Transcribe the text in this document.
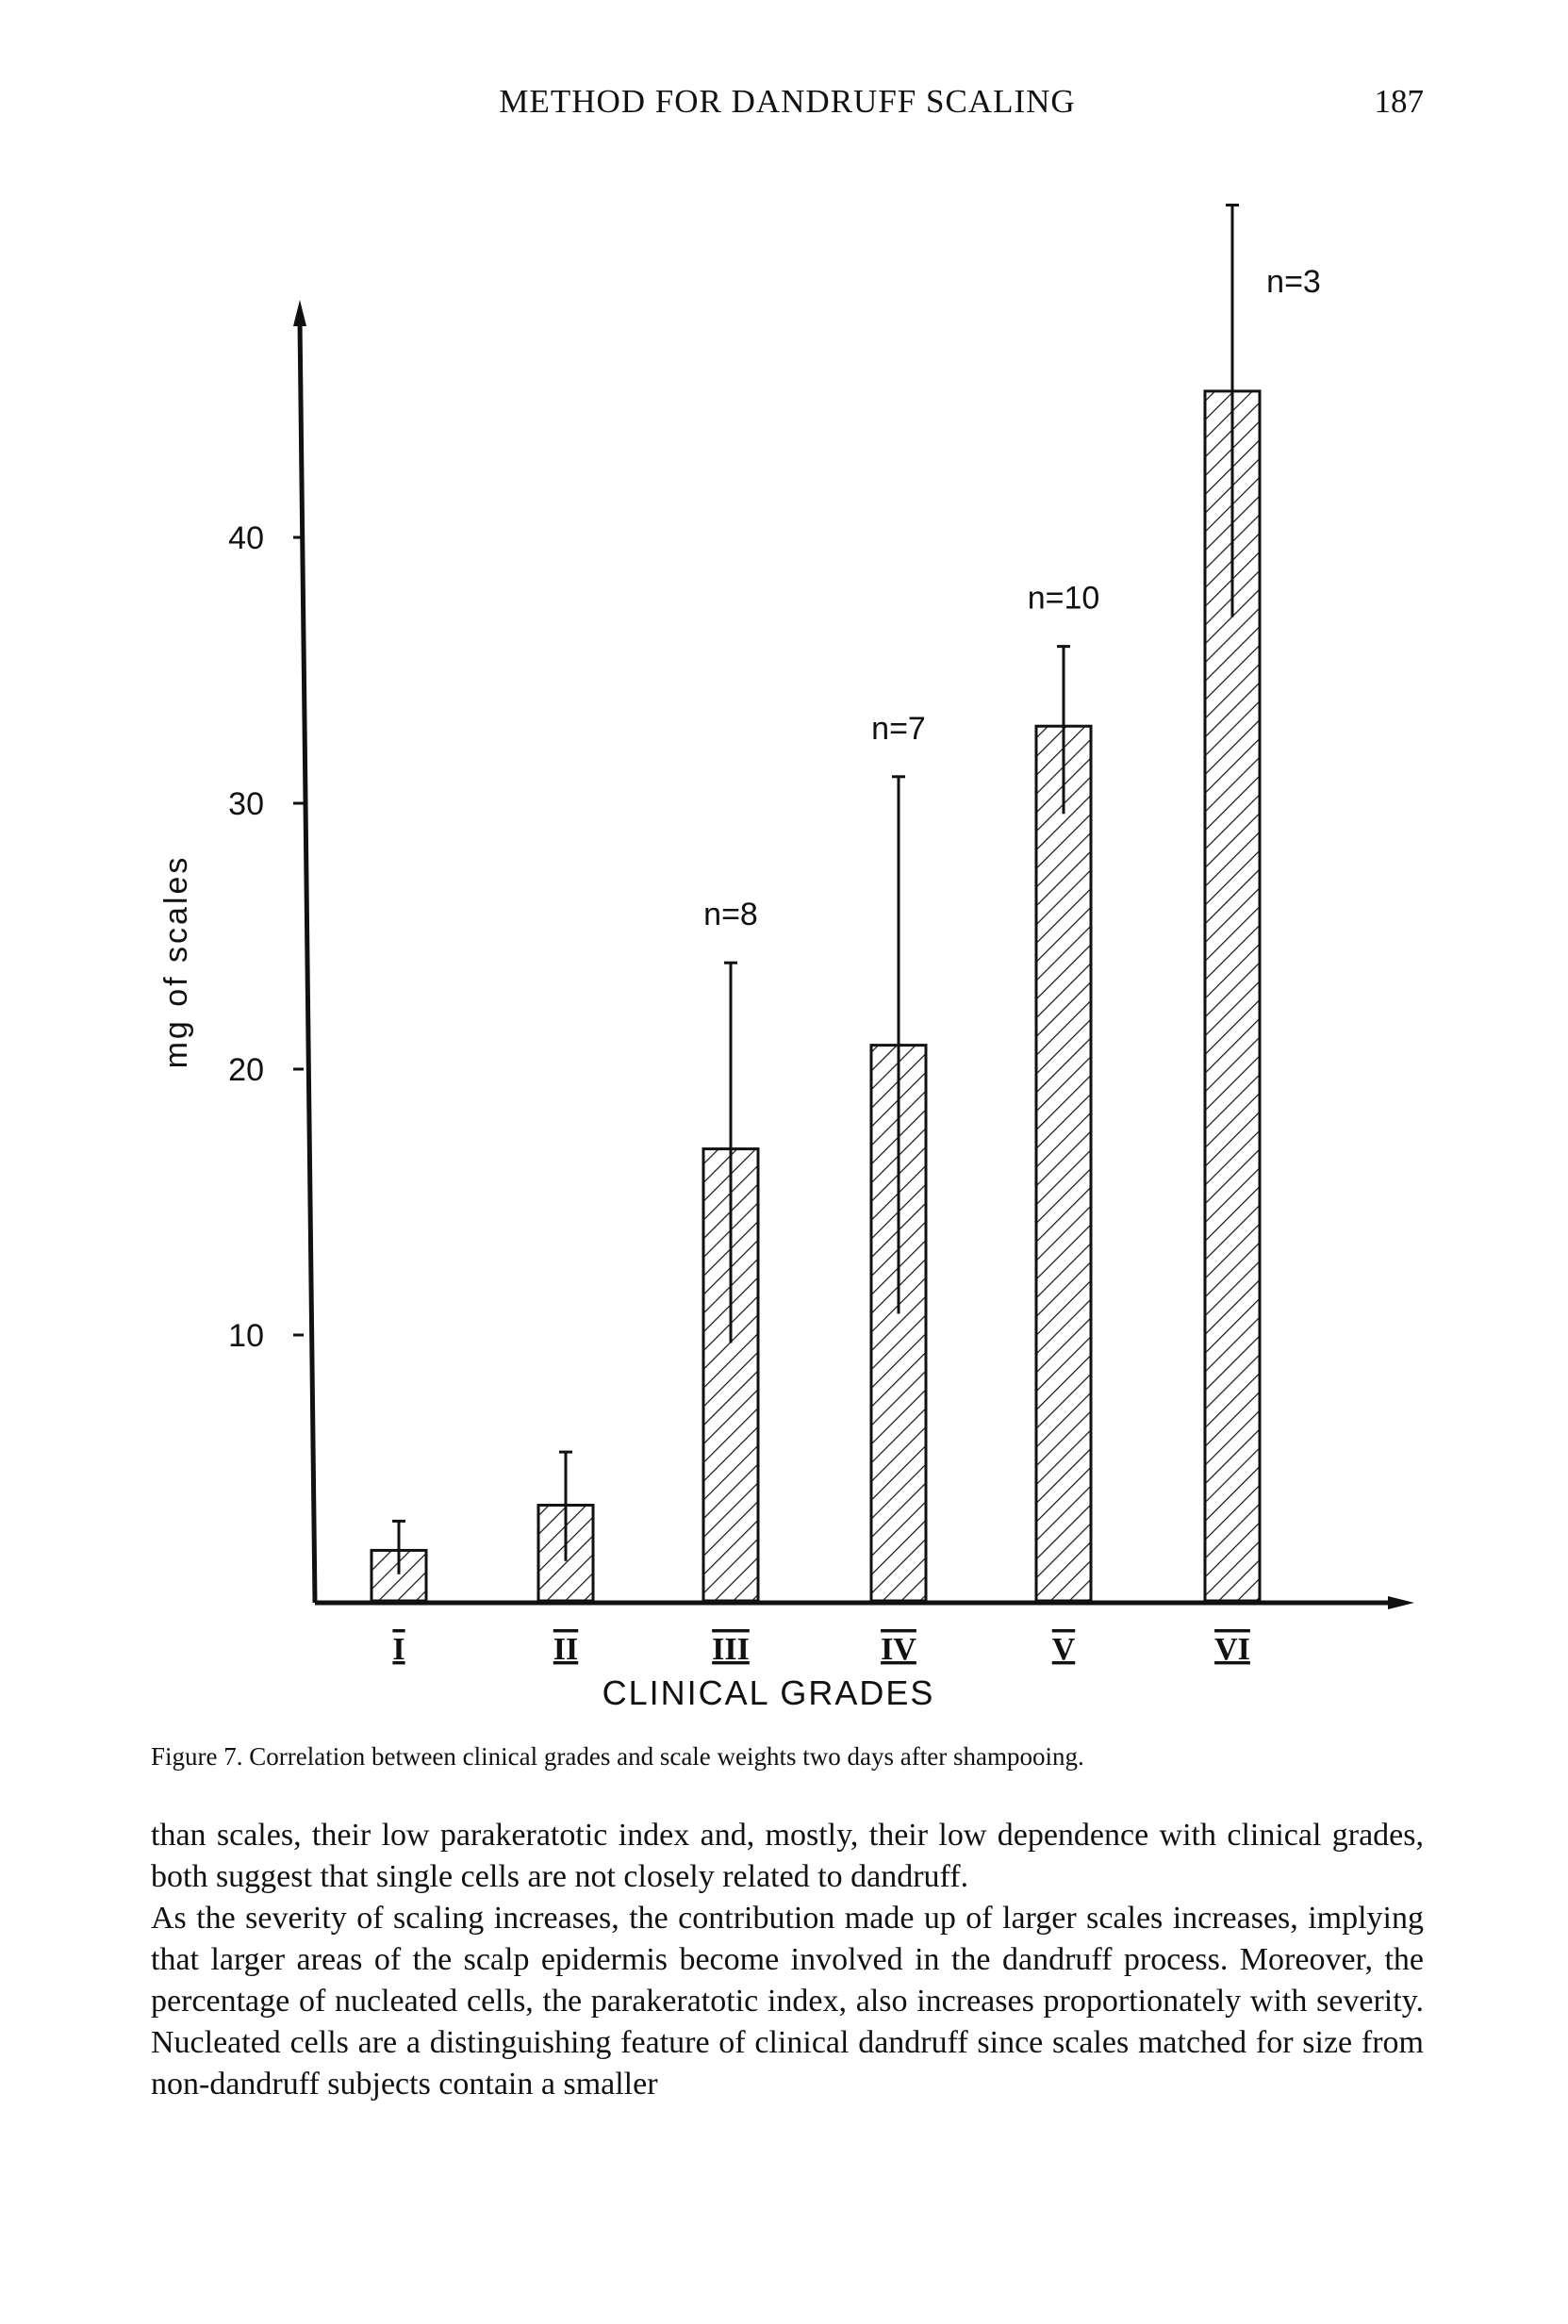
METHOD FOR DANDRUFF SCALING	187
10
20
30
40
I	II	III
n=8
IV
n=7
V
n=10
VI
n=3
mg of scales
CLINICAL GRADES
Figure 7. Correlation between clinical grades and scale weights two days after shampooing.

than scales, their low parakeratotic index and, mostly, their low dependence with clinical grades, both suggest that single cells are not closely related to dandruff.

As the severity of scaling increases, the contribution made up of larger scales increases, implying that larger areas of the scalp epidermis become involved in the dandruff process. Moreover, the percentage of nucleated cells, the parakeratotic index, also increases proportionately with severity. Nucleated cells are a distinguishing feature of clinical dandruff since scales matched for size from non-dandruff subjects contain a smaller
